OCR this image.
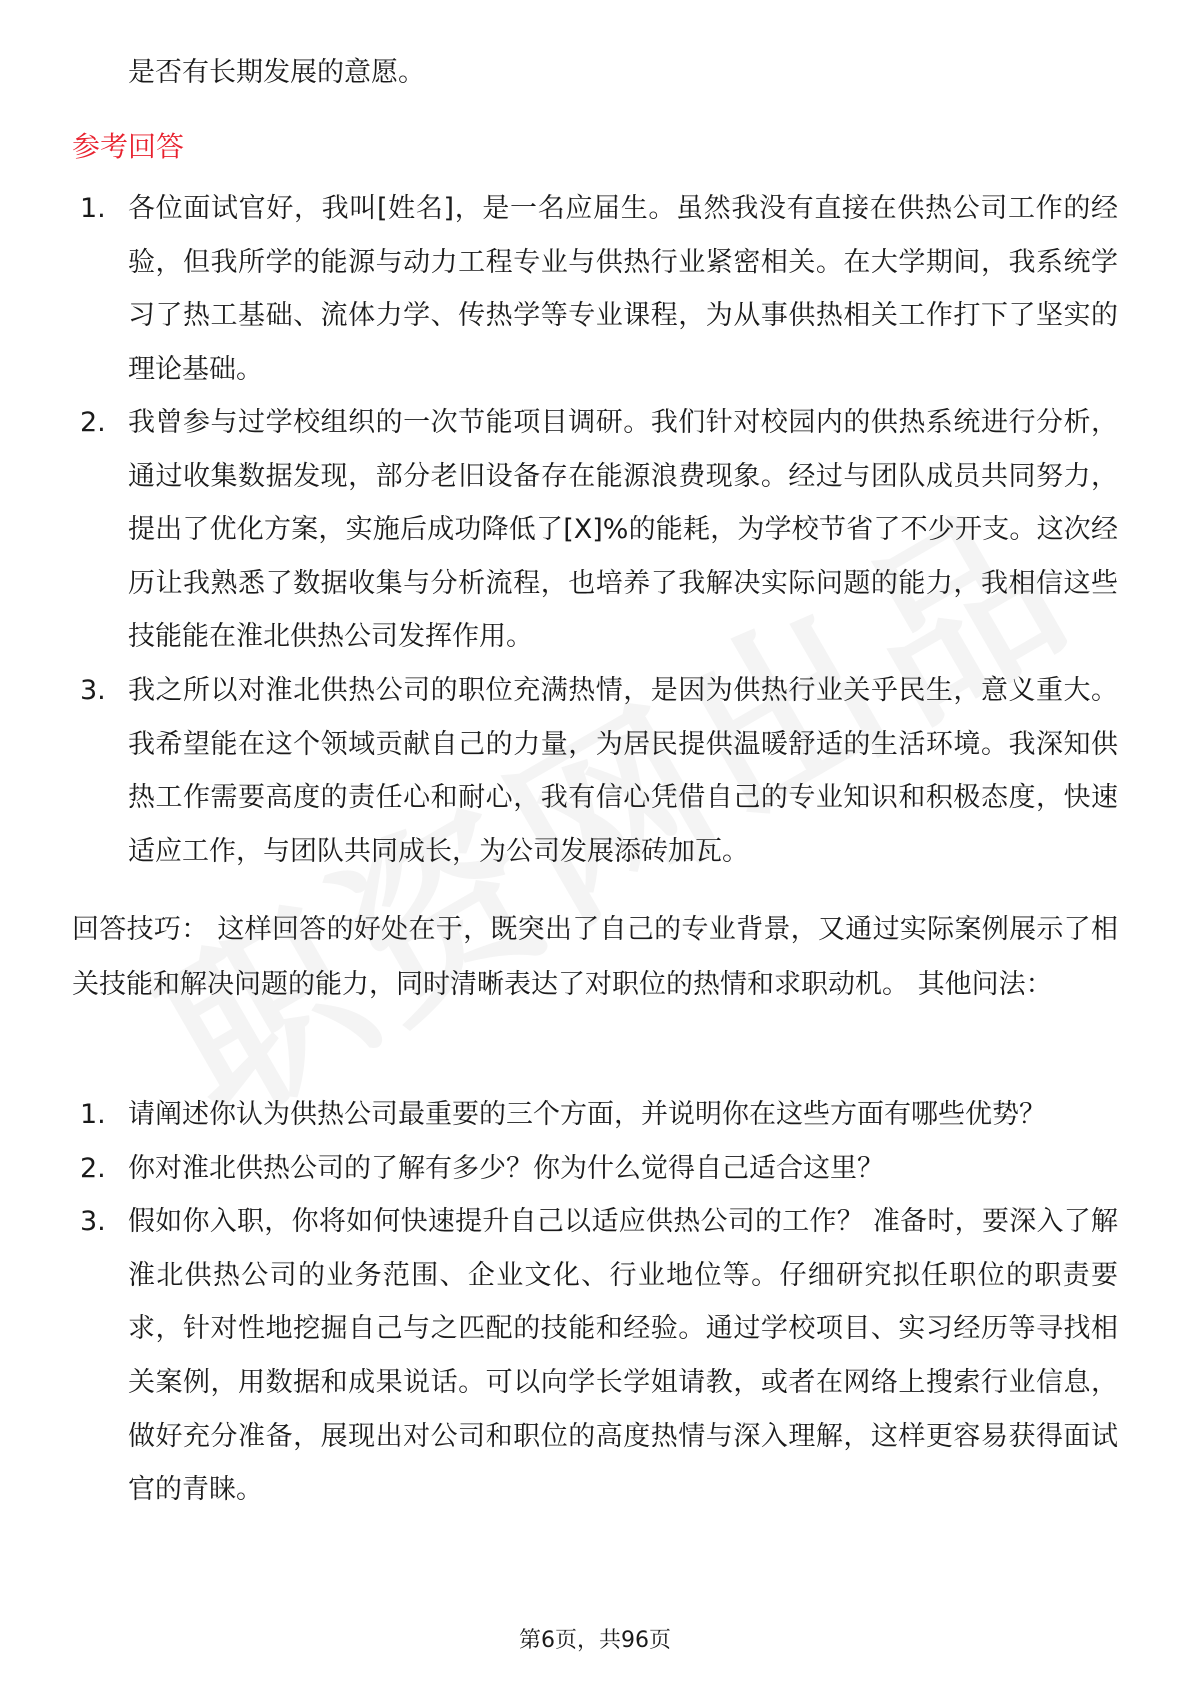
是否有长期发展的意愿。

参考回答
1. 各位面试官好，我叫[姓名]，是一名应届生。虽然我没有直接在供热公司工作的经验，但我所学的能源与动力工程专业与供热行业紧密相关。在大学期间，我系统学习了热工基础、流体力学、传热学等专业课程，为从事供热相关工作打下了坚实的理论基础。
2. 我曾参与过学校组织的一次节能项目调研。我们针对校园内的供热系统进行分析，通过收集数据发现，部分老旧设备存在能源浪费现象。经过与团队成员共同努力，提出了优化方案，实施后成功降低了[X]%的能耗，为学校节省了不少开支。这次经历让我熟悉了数据收集与分析流程，也培养了我解决实际问题的能力，我相信这些技能能在淮北供热公司发挥作用。
3. 我之所以对淮北供热公司的职位充满热情，是因为供热行业关乎民生，意义重大。我希望能在这个领域贡献自己的力量，为居民提供温暖舒适的生活环境。我深知供热工作需要高度的责任心和耐心，我有信心凭借自己的专业知识和积极态度，快速适应工作，与团队共同成长，为公司发展添砖加瓦。

回答技巧： 这样回答的好处在于，既突出了自己的专业背景，又通过实际案例展示了相关技能和解决问题的能力，同时清晰表达了对职位的热情和求职动机。 其他问法：

1. 请阐述你认为供热公司最重要的三个方面，并说明你在这些方面有哪些优势？
2. 你对淮北供热公司的了解有多少？你为什么觉得自己适合这里？
3. 假如你入职，你将如何快速提升自己以适应供热公司的工作？ 准备时，要深入了解淮北供热公司的业务范围、企业文化、行业地位等。仔细研究拟任职位的职责要求，针对性地挖掘自己与之匹配的技能和经验。通过学校项目、实习经历等寻找相关案例，用数据和成果说话。可以向学长学姐请教，或者在网络上搜索行业信息，做好充分准备，展现出对公司和职位的高度热情与深入理解，这样更容易获得面试官的青睐。
第6页，共96页
